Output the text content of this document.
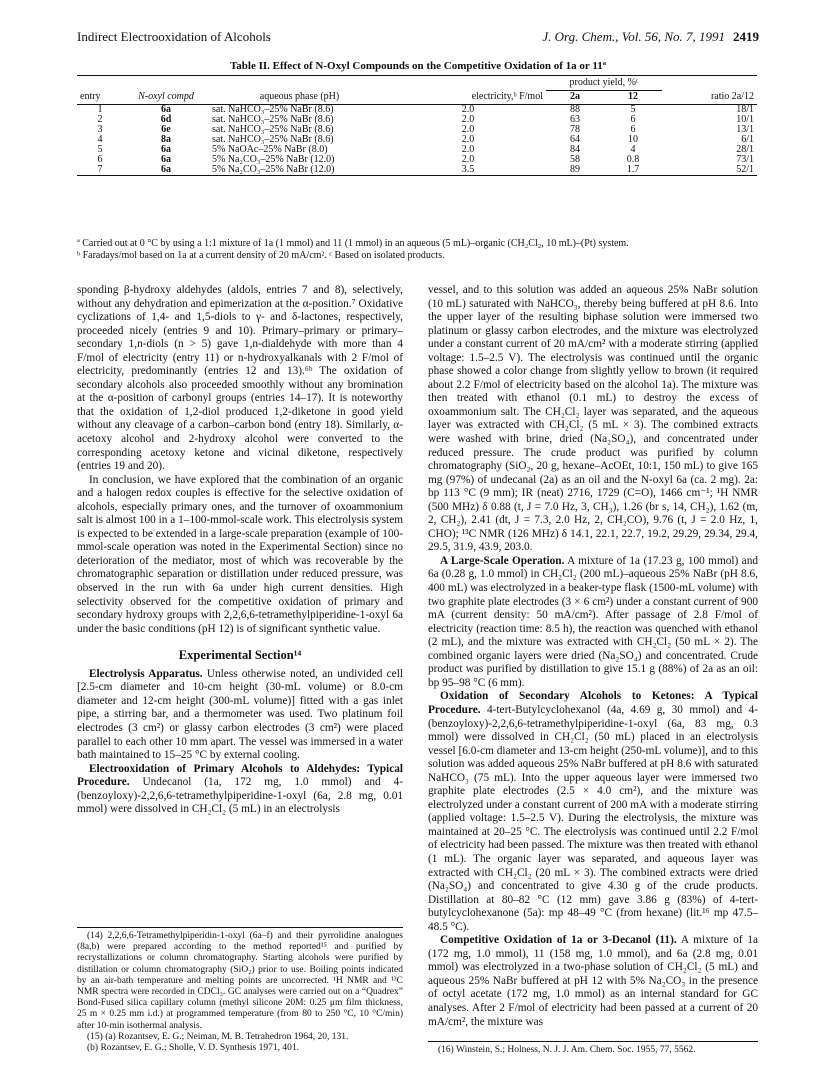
Indirect Electrooxidation of Alcohols	J. Org. Chem., Vol. 56, No. 7, 1991 2419
Table II. Effect of N-Oxyl Compounds on the Competitive Oxidation of 1a or 11ª

				product yield, %ᶜ		
entry	N-oxyl compd	aqueous phase (pH)	electricity,ᵇ F/mol	2a	12	ratio 2a/12

1	6a	sat. NaHCO₃–25% NaBr (8.6)	2.0	88	5	18/1
2	6d	sat. NaHCO₃–25% NaBr (8.6)	2.0	63	6	10/1
3	6e	sat. NaHCO₃–25% NaBr (8.6)	2.0	78	6	13/1
4	8a	sat. NaHCO₃–25% NaBr (8.6)	2.0	64	10	6/1
5	6a	5% NaOAc–25% NaBr (8.0)	2.0	84	4	28/1
6	6a	5% Na₂CO₃–25% NaBr (12.0)	2.0	58	0.8	73/1
7	6a	5% Na₂CO₃–25% NaBr (12.0)	3.5	89	1.7	52/1

ª Carried out at 0 °C by using a 1:1 mixture of 1a (1 mmol) and 11 (1 mmol) in an aqueous (5 mL)–organic (CH₂Cl₂, 10 mL)–(Pt) system.
ᵇ Faradays/mol based on 1a at a current density of 20 mA/cm². ᶜ Based on isolated products.

sponding β-hydroxy aldehydes (aldols, entries 7 and 8), selectively, without any dehydration and epimerization at the α-position.⁷ Oxidative cyclizations of 1,4- and 1,5-diols to γ- and δ-lactones, respectively, proceeded nicely (entries 9 and 10). Primary–primary or primary–secondary 1,n-diols (n > 5) gave 1,n-dialdehyde with more than 4 F/mol of electricity (entry 11) or n-hydroxyalkanals with 2 F/mol of electricity, predominantly (entries 12 and 13).⁶ᵇ The oxidation of secondary alcohols also proceeded smoothly without any bromination at the α-position of carbonyl groups (entries 14–17). It is noteworthy that the oxidation of 1,2-diol produced 1,2-diketone in good yield without any cleavage of a carbon–carbon bond (entry 18). Similarly, α-acetoxy alcohol and 2-hydroxy alcohol were converted to the corresponding acetoxy ketone and vicinal diketone, respectively (entries 19 and 20).

In conclusion, we have explored that the combination of an organic and a halogen redox couples is effective for the selective oxidation of alcohols, especially primary ones, and the turnover of oxoammonium salt is almost 100 in a 1–100-mmol-scale work. This electrolysis system is expected to be extended in a large-scale preparation (example of 100-mmol-scale operation was noted in the Experimental Section) since no deterioration of the mediator, most of which was recoverable by the chromatographic separation or distillation under reduced pressure, was observed in the run with 6a under high current densities. High selectivity observed for the competitive oxidation of primary and secondary hydroxy groups with 2,2,6,6-tetramethylpiperidine-1-oxyl 6a under the basic conditions (pH 12) is of significant synthetic value.

Experimental Section¹⁴

Electrolysis Apparatus. Unless otherwise noted, an undivided cell [2.5-cm diameter and 10-cm height (30-mL volume) or 8.0-cm diameter and 12-cm height (300-mL volume)] fitted with a gas inlet pipe, a stirring bar, and a thermometer was used. Two platinum foil electrodes (3 cm²) or glassy carbon electrodes (3 cm²) were placed parallel to each other 10 mm apart. The vessel was immersed in a water bath maintained to 15–25 °C by external cooling.

Electrooxidation of Primary Alcohols to Aldehydes: Typical Procedure. Undecanol (1a, 172 mg, 1.0 mmol) and 4-(benzoyloxy)-2,2,6,6-tetramethylpiperidine-1-oxyl (6a, 2.8 mg, 0.01 mmol) were dissolved in CH₂Cl₂ (5 mL) in an electrolysis

vessel, and to this solution was added an aqueous 25% NaBr solution (10 mL) saturated with NaHCO₃, thereby being buffered at pH 8.6. Into the upper layer of the resulting biphase solution were immersed two platinum or glassy carbon electrodes, and the mixture was electrolyzed under a constant current of 20 mA/cm² with a moderate stirring (applied voltage: 1.5–2.5 V). The electrolysis was continued until the organic phase showed a color change from slightly yellow to brown (it required about 2.2 F/mol of electricity based on the alcohol 1a). The mixture was then treated with ethanol (0.1 mL) to destroy the excess of oxoammonium salt. The CH₂Cl₂ layer was separated, and the aqueous layer was extracted with CH₂Cl₂ (5 mL × 3). The combined extracts were washed with brine, dried (Na₂SO₄), and concentrated under reduced pressure. The crude product was purified by column chromatography (SiO₂, 20 g, hexane–AcOEt, 10:1, 150 mL) to give 165 mg (97%) of undecanal (2a) as an oil and the N-oxyl 6a (ca. 2 mg). 2a: bp 113 °C (9 mm); IR (neat) 2716, 1729 (C=O), 1466 cm⁻¹; ¹H NMR (500 MHz) δ 0.88 (t, J = 7.0 Hz, 3, CH₃), 1.26 (br s, 14, CH₂), 1.62 (m, 2, CH₂), 2.41 (dt, J = 7.3, 2.0 Hz, 2, CH₂CO), 9.76 (t, J = 2.0 Hz, 1, CHO); ¹³C NMR (126 MHz) δ 14.1, 22.1, 22.7, 19.2, 29.29, 29.34, 29.4, 29.5, 31.9, 43.9, 203.0.

A Large-Scale Operation. A mixture of 1a (17.23 g, 100 mmol) and 6a (0.28 g, 1.0 mmol) in CH₂Cl₂ (200 mL)–aqueous 25% NaBr (pH 8.6, 400 mL) was electrolyzed in a beaker-type flask (1500-mL volume) with two graphite plate electrodes (3 × 6 cm²) under a constant current of 900 mA (current density: 50 mA/cm²). After passage of 2.8 F/mol of electricity (reaction time: 8.5 h), the reaction was quenched with ethanol (2 mL), and the mixture was extracted with CH₂Cl₂ (50 mL × 2). The combined organic layers were dried (Na₂SO₄) and concentrated. Crude product was purified by distillation to give 15.1 g (88%) of 2a as an oil: bp 95–98 °C (6 mm).

Oxidation of Secondary Alcohols to Ketones: A Typical Procedure. 4-tert-Butylcyclohexanol (4a, 4.69 g, 30 mmol) and 4-(benzoyloxy)-2,2,6,6-tetramethylpiperidine-1-oxyl (6a, 83 mg, 0.3 mmol) were dissolved in CH₂Cl₂ (50 mL) placed in an electrolysis vessel [6.0-cm diameter and 13-cm height (250-mL volume)], and to this solution was added aqueous 25% NaBr buffered at pH 8.6 with saturated NaHCO₃ (75 mL). Into the upper aqueous layer were immersed two graphite plate electrodes (2.5 × 4.0 cm²), and the mixture was electrolyzed under a constant current of 200 mA with a moderate stirring (applied voltage: 1.5–2.5 V). During the electrolysis, the mixture was maintained at 20–25 °C. The electrolysis was continued until 2.2 F/mol of electricity had been passed. The mixture was then treated with ethanol (1 mL). The organic layer was separated, and aqueous layer was extracted with CH₂Cl₂ (20 mL × 3). The combined extracts were dried (Na₂SO₄) and concentrated to give 4.30 g of the crude products. Distillation at 80–82 °C (12 mm) gave 3.86 g (83%) of 4-tert-butylcyclohexanone (5a): mp 48–49 °C (from hexane) (lit.¹⁶ mp 47.5–48.5 °C).

Competitive Oxidation of 1a or 3-Decanol (11). A mixture of 1a (172 mg, 1.0 mmol), 11 (158 mg, 1.0 mmol), and 6a (2.8 mg, 0.01 mmol) was electrolyzed in a two-phase solution of CH₂Cl₂ (5 mL) and aqueous 25% NaBr buffered at pH 12 with 5% Na₂CO₃ in the presence of octyl acetate (172 mg, 1.0 mmol) as an internal standard for GC analyses. After 2 F/mol of electricity had been passed at a current of 20 mA/cm², the mixture was

(14) 2,2,6,6-Tetramethylpiperidin-1-oxyl (6a–f) and their pyrrolidine analogues (8a,b) were prepared according to the method reported¹⁵ and purified by recrystallizations or column chromatography. Starting alcohols were purified by distillation or column chromatography (SiO₂) prior to use. Boiling points indicated by an air-bath temperature and melting points are uncorrected. ¹H NMR and ¹³C NMR spectra were recorded in CDCl₃. GC analyses were carried out on a “Quadrex” Bond-Fused silica capillary column (methyl silicone 20M: 0.25 μm film thickness, 25 m × 0.25 mm i.d.) at programmed temperature (from 80 to 250 °C, 10 °C/min) after 10-min isothermal analysis.

(15) (a) Rozantsev, E. G.; Neiman, M. B. Tetrahedron 1964, 20, 131.

(b) Rozantsev, E. G.; Sholle, V. D. Synthesis 1971, 401.	(16) Winstein, S.; Holness, N. J. J. Am. Chem. Soc. 1955, 77, 5562.
